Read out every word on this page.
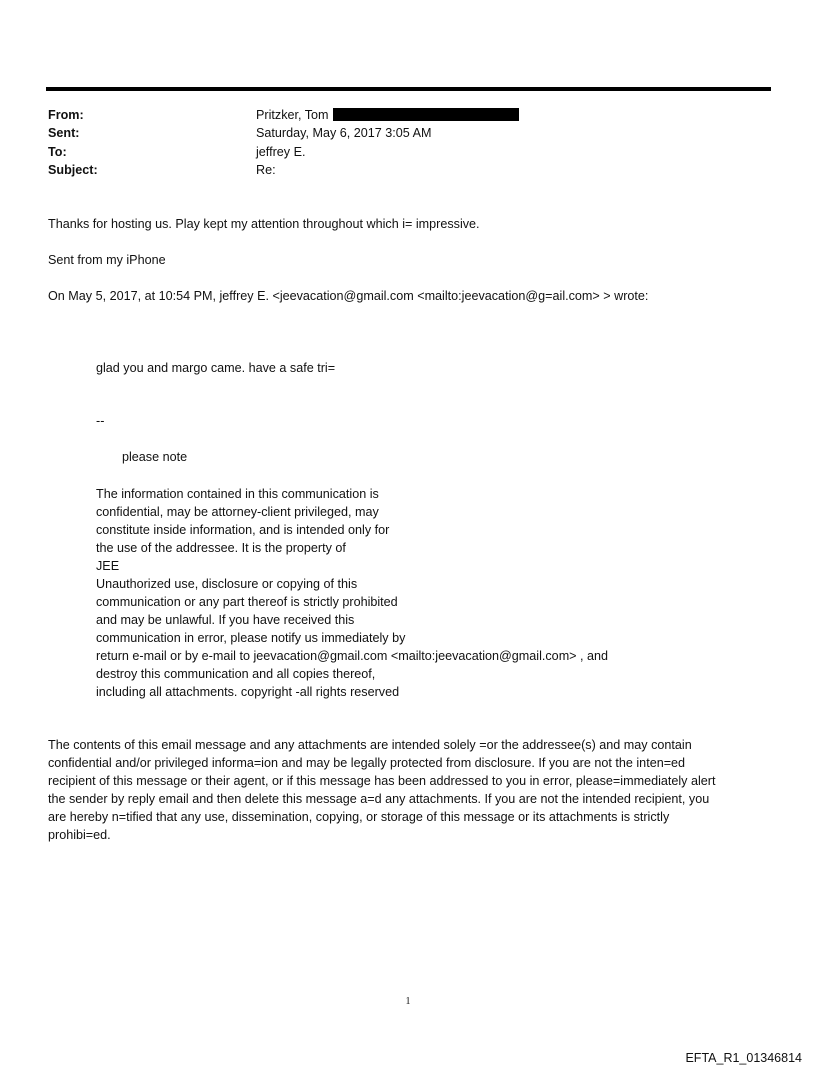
From:	Pritzker, Tom
Sent:	Saturday, May 6, 2017 3:05 AM
To:	jeffrey E.
Subject:	Re:
Thanks for hosting us. Play kept my attention throughout which i= impressive.
Sent from my iPhone
On May 5, 2017, at 10:54 PM, jeffrey E. <jeevacation@gmail.com <mailto:jeevacation@g=ail.com> > wrote:
glad you and margo came. have a safe tri=
--
please note
The information contained in this communication is
confidential, may be attorney-client privileged, may
constitute inside information, and is intended only for
the use of the addressee. It is the property of
JEE
Unauthorized use, disclosure or copying of this
communication or any part thereof is strictly prohibited
and may be unlawful. If you have received this
communication in error, please notify us immediately by
return e-mail or by e-mail to jeevacation@gmail.com <mailto:jeevacation@gmail.com> , and
destroy this communication and all copies thereof,
including all attachments. copyright -all rights reserved
The contents of this email message and any attachments are intended solely =or the addressee(s) and may contain
confidential and/or privileged informa=ion and may be legally protected from disclosure. If you are not the inten=ed
recipient of this message or their agent, or if this message has been addressed to you in error, please=immediately alert
the sender by reply email and then delete this message a=d any attachments. If you are not the intended recipient, you
are hereby n=tified that any use, dissemination, copying, or storage of this message or its attachments is strictly
prohibi=ed.
1
EFTA_R1_01346814
